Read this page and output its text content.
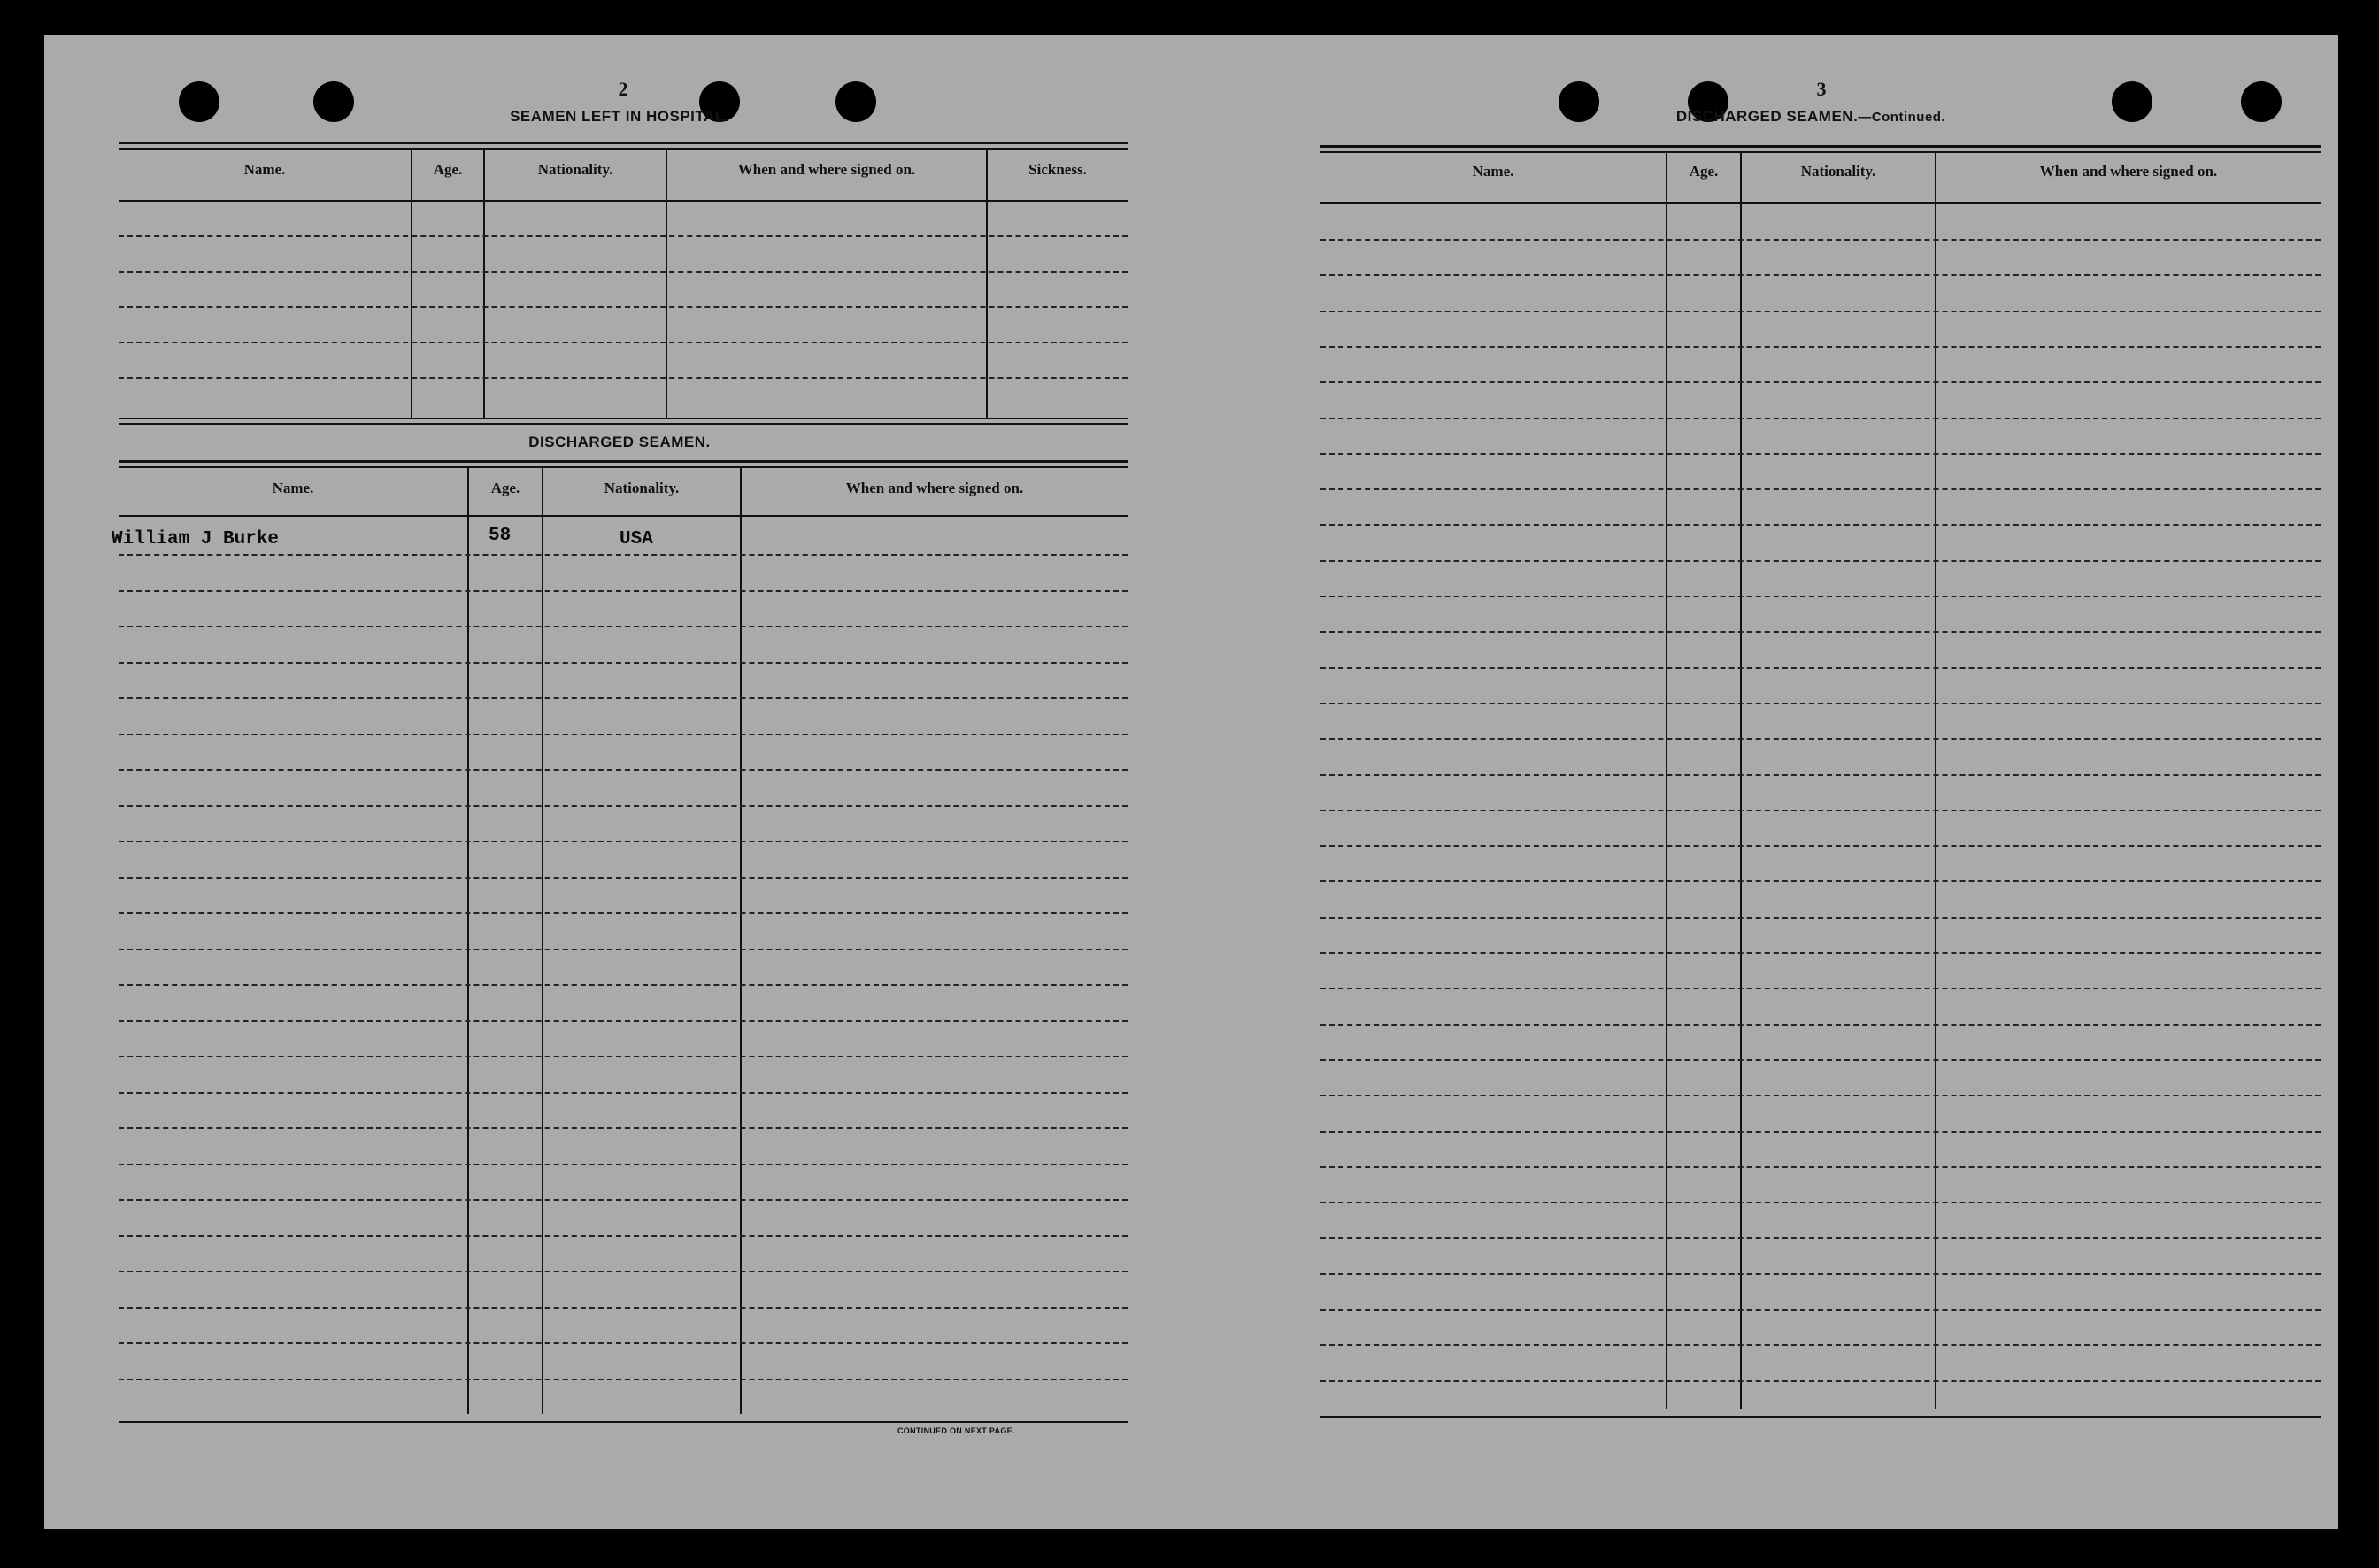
2
SEAMEN LEFT IN HOSPITAL.
Name.	Age.	Nationality.	When and where signed on.	Sickness.
DISCHARGED SEAMEN.
Name.	Age.	Nationality.	When and where signed on.
William J Burke	58	USA
CONTINUED ON NEXT PAGE.
3
DISCHARGED SEAMEN.—Continued.
Name.	Age.	Nationality.	When and where signed on.
